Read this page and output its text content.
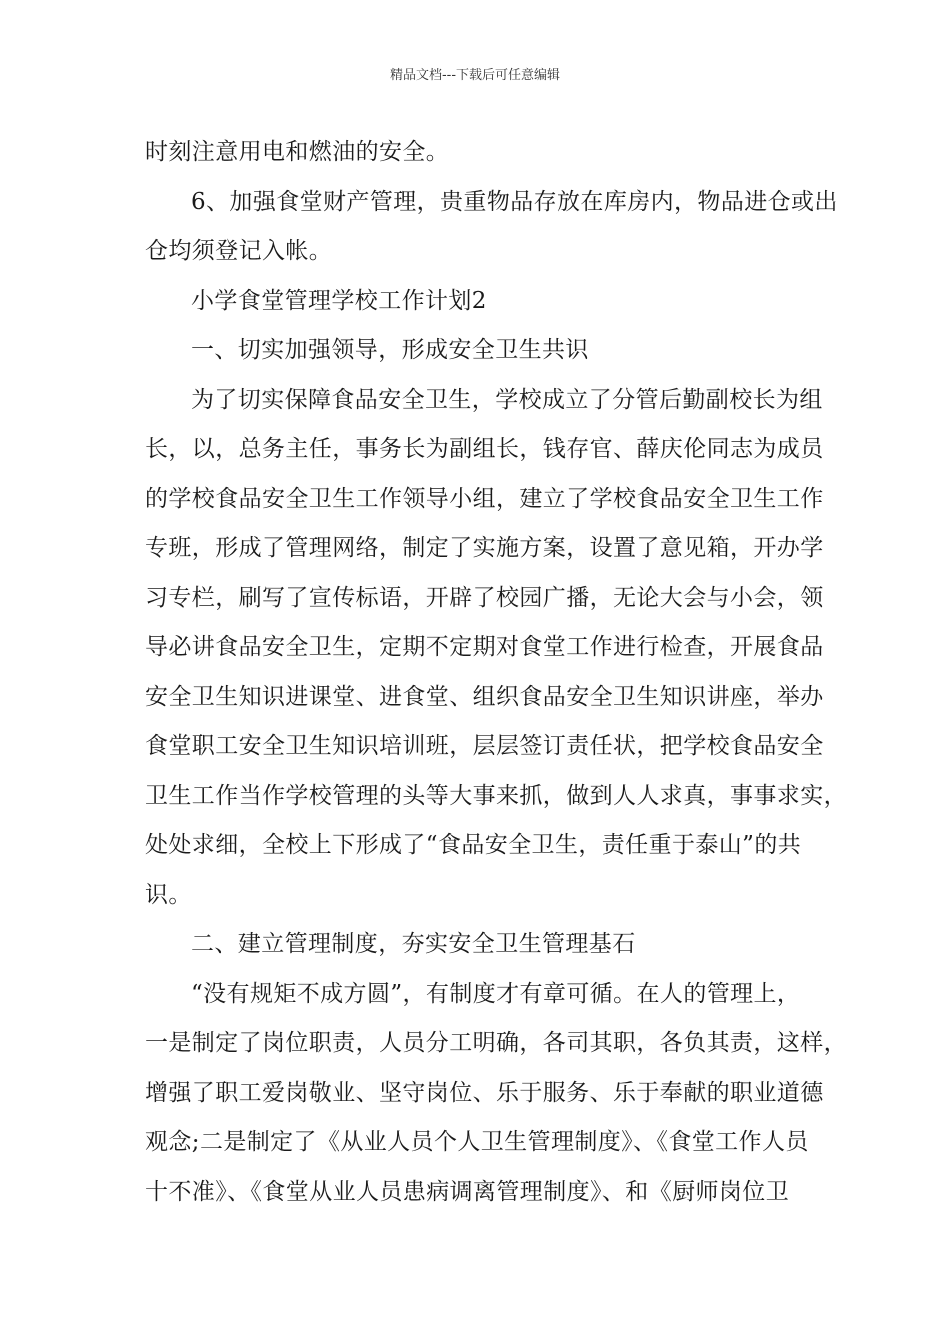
精品文档---下载后可任意编辑
时刻注意用电和燃油的安全。
6、加强食堂财产管理，贵重物品存放在库房内，物品进仓或出
仓均须登记入帐。
小学食堂管理学校工作计划2
一、切实加强领导，形成安全卫生共识
为了切实保障食品安全卫生，学校成立了分管后勤副校长为组
长，以，总务主任，事务长为副组长，钱存官、薛庆伦同志为成员
的学校食品安全卫生工作领导小组，建立了学校食品安全卫生工作
专班，形成了管理网络，制定了实施方案，设置了意见箱，开办学
习专栏，刷写了宣传标语，开辟了校园广播，无论大会与小会，领
导必讲食品安全卫生，定期不定期对食堂工作进行检查，开展食品
安全卫生知识进课堂、进食堂、组织食品安全卫生知识讲座，举办
食堂职工安全卫生知识培训班，层层签订责任状，把学校食品安全
卫生工作当作学校管理的头等大事来抓，做到人人求真，事事求实，
处处求细，全校上下形成了“食品安全卫生，责任重于泰山”的共
识。
二、建立管理制度，夯实安全卫生管理基石
“没有规矩不成方圆”，有制度才有章可循。在人的管理上，
一是制定了岗位职责，人员分工明确，各司其职，各负其责，这样，
增强了职工爱岗敬业、坚守岗位、乐于服务、乐于奉献的职业道德
观念;二是制定了《从业人员个人卫生管理制度》、《食堂工作人员
十不准》、《食堂从业人员患病调离管理制度》、和《厨师岗位卫
